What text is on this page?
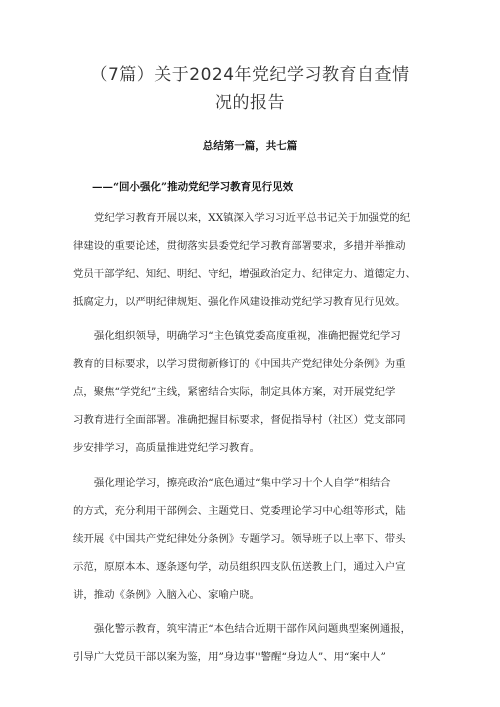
（7篇）关于2024年党纪学习教育自查情
况的报告
总结第一篇，共七篇
——“回小强化”推动党纪学习教育见行见效
党纪学习教育开展以来，XX镇深入学习习近平总书记关于加强党的纪
律建设的重要论述，贯彻落实县委党纪学习教育部署要求，多措并举推动
党员干部学纪、知纪、明纪、守纪，增强政治定力、纪律定力、道德定力、
抵腐定力，以严明纪律规矩、强化作风建设推动党纪学习教育见行见效。
强化组织领导，明确学习“主色镇党委高度重视，准确把握党纪学习
教育的目标要求，以学习贯彻新修订的《中国共产党纪律处分条例》为重
点，聚焦“学党纪”主线，紧密结合实际，制定具体方案，对开展党纪学
习教育进行全面部署。准确把握目标要求，督促指导村（社区）党支部同
步安排学习，高质量推进党纪学习教育。
强化理论学习，擦亮政治“底色通过“集中学习十个人自学”相结合
的方式，充分利用干部例会、主题党日、党委理论学习中心组等形式，陆
续开展《中国共产党纪律处分条例》专题学习。领导班子以上率下、带头
示范，原原本本、逐条逐句学，动员组织四支队伍送教上门，通过入户宣
讲，推动《条例》入脑入心、家喻户晓。
强化警示教育，筑牢清正“本色结合近期干部作风问题典型案例通报，
引导广大党员干部以案为鉴，用”身边事''警醒“身边人”、用“案中人”
